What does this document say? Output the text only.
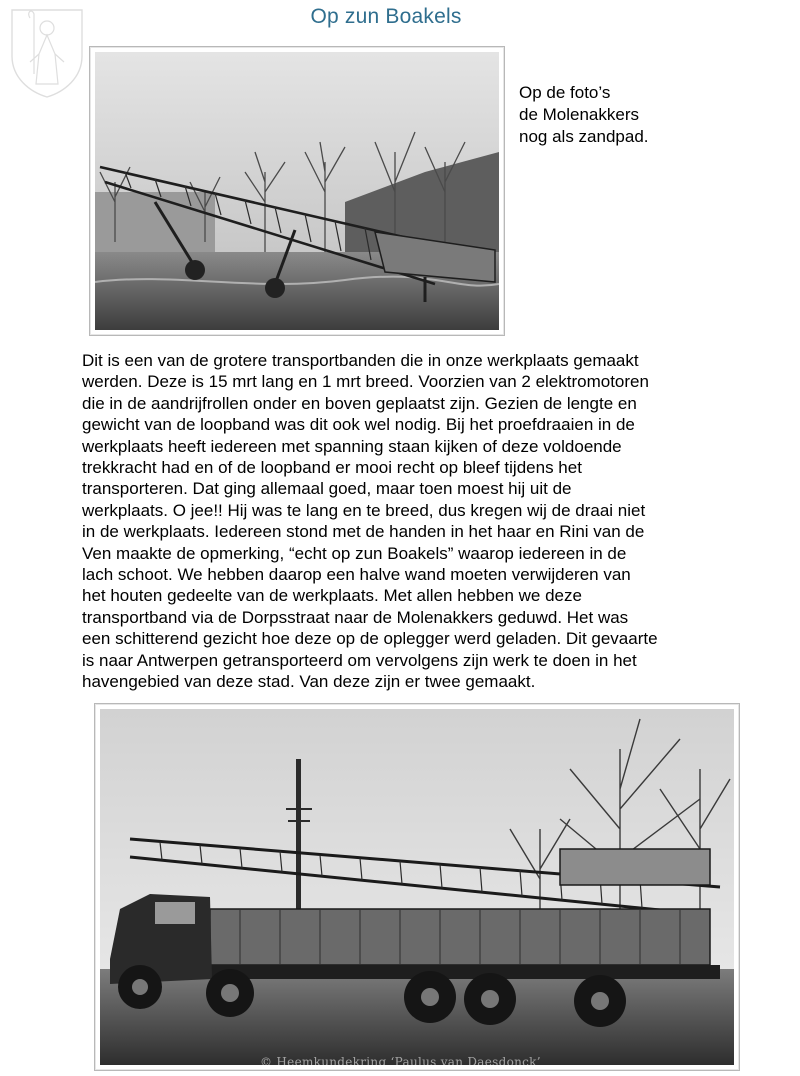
Op zun Boakels
Op de foto’s
de Molenakkers
nog als zandpad.
Dit is een van de grotere transportbanden die in onze werkplaats gemaakt
werden. Deze is 15 mrt lang en 1 mrt breed. Voorzien van 2 elektromotoren
die in de aandrijfrollen onder en boven geplaatst zijn. Gezien de lengte en
gewicht van de loopband was dit ook wel nodig. Bij het proefdraaien in de
werkplaats heeft iedereen met spanning staan kijken of deze voldoende
trekkracht had en of de loopband er mooi recht op bleef tijdens het
transporteren. Dat ging allemaal goed, maar toen moest hij uit de
werkplaats. O jee!! Hij was te lang en te breed, dus kregen wij de draai niet
in de werkplaats. Iedereen stond met de handen in het haar en Rini van de
Ven maakte de opmerking, “echt op zun Boakels” waarop iedereen in de
lach schoot. We hebben daarop een halve wand moeten verwijderen van
het houten gedeelte van de werkplaats. Met allen hebben we deze
transportband via de Dorpsstraat naar de Molenakkers geduwd. Het was
een schitterend gezicht hoe deze op de oplegger werd geladen. Dit gevaarte
is naar Antwerpen getransporteerd om vervolgens zijn werk te doen in het
havengebied van deze stad. Van deze zijn er twee gemaakt.
© Heemkundekring ‘Paulus van Daesdonck’
